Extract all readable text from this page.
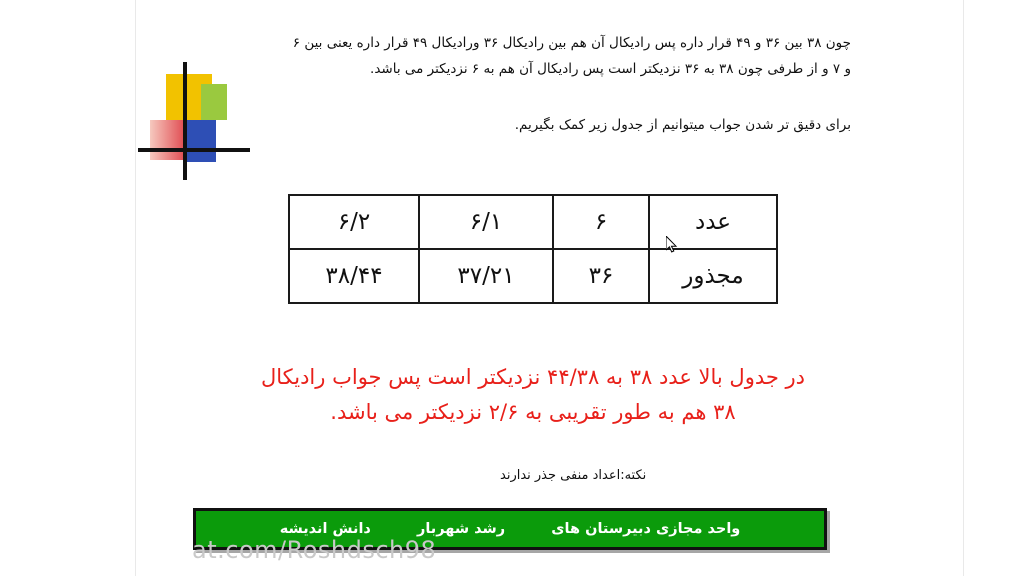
چون ۳۸ بین ۳۶ و ۴۹ قرار داره پس رادیکال آن هم بین رادیکال ۳۶ ورادیکال ۴۹ قرار داره یعنی بین ۶ و ۷ و از طرفی چون ۳۸ به ۳۶ نزدیکتر است پس رادیکال آن هم به ۶ نزدیکتر می باشد.
برای دقیق تر شدن جواب میتوانیم از جدول زیر کمک بگیریم.
عدد	۶	۶/۱	۶/۲
مجذور	۳۶	۳۷/۲۱	۳۸/۴۴
در جدول بالا عدد ۳۸ به ۴۴/۳۸ نزدیکتر است پس جواب رادیکال
۳۸ هم به طور تقریبی به ۲/۶ نزدیکتر می باشد.
نکته:اعداد منفی جذر ندارند
واحد مجازی دبیرستان های  رشد شهربار  دانش اندیشه
at.com/Roshdsch98
